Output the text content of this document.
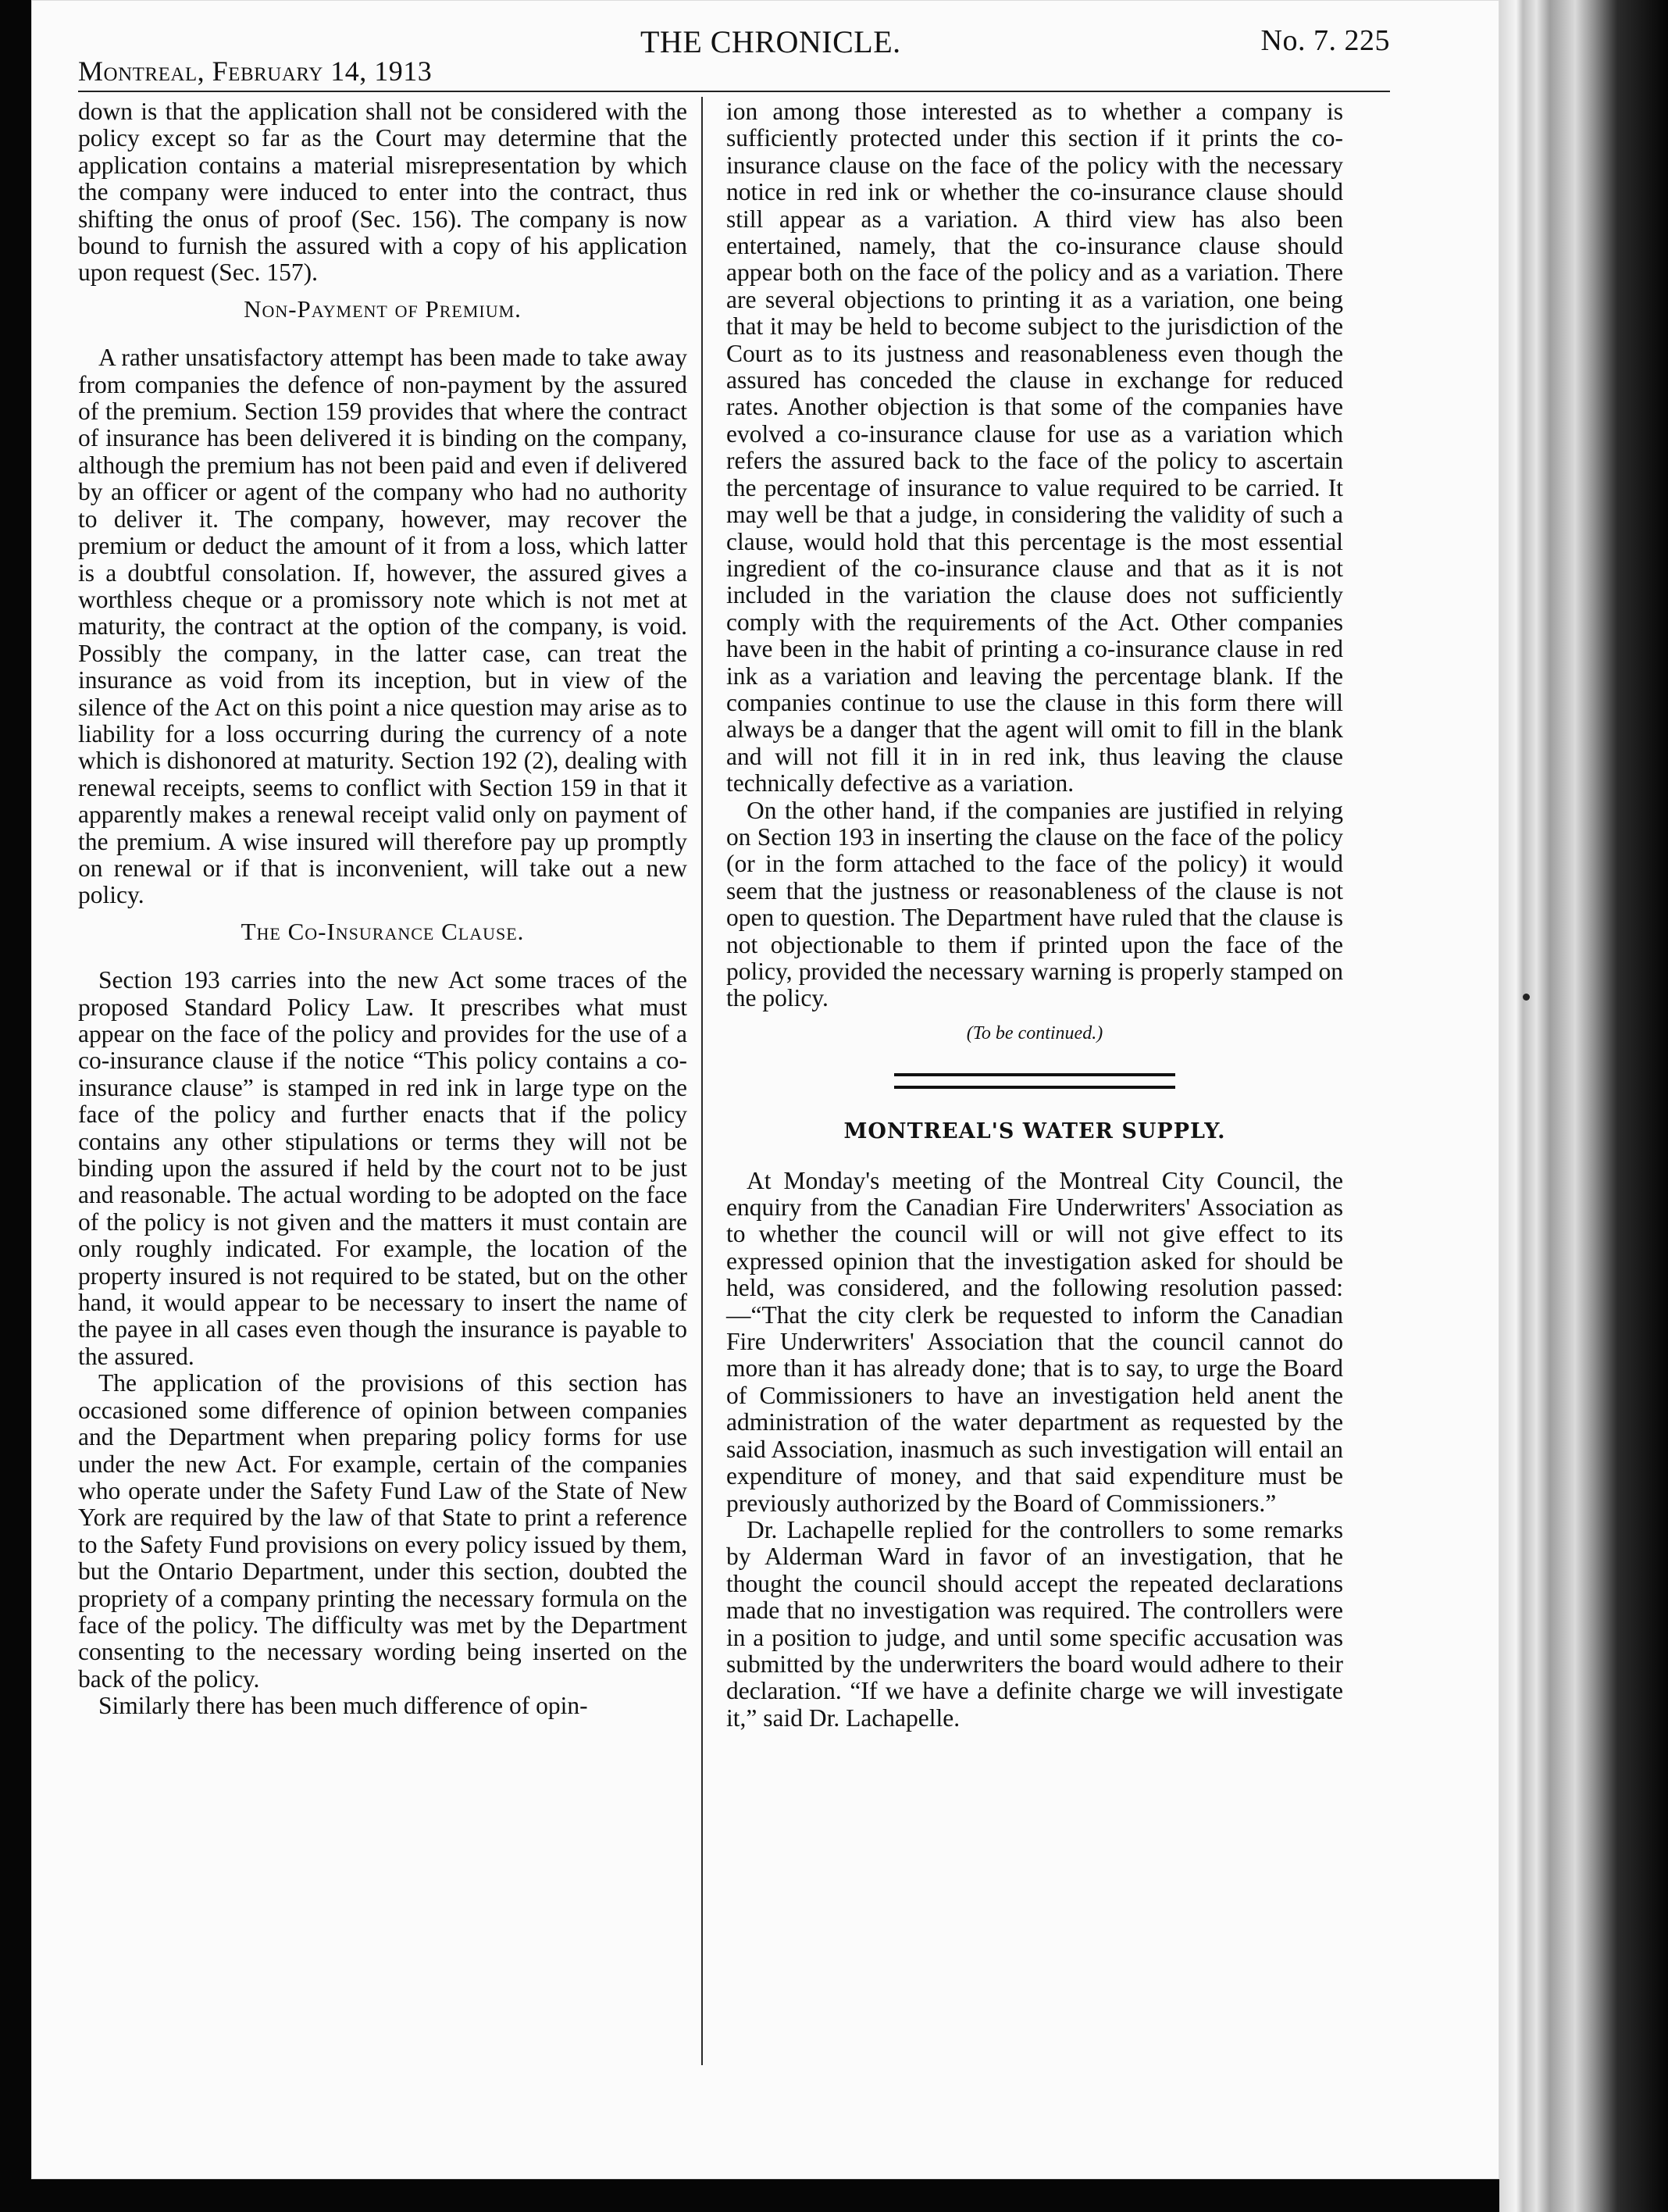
Montreal, February 14, 1913
THE CHRONICLE.	No. 7. 225

down is that the application shall not be considered with the policy except so far as the Court may determine that the application contains a material misrepresentation by which the company were induced to enter into the contract, thus shifting the onus of proof (Sec. 156). The company is now bound to furnish the assured with a copy of his application upon request (Sec. 157).

Non-Payment of Premium.

A rather unsatisfactory attempt has been made to take away from companies the defence of non-payment by the assured of the premium. Section 159 provides that where the contract of insurance has been delivered it is binding on the company, although the premium has not been paid and even if delivered by an officer or agent of the company who had no authority to deliver it. The company, however, may recover the premium or deduct the amount of it from a loss, which latter is a doubtful consolation. If, however, the assured gives a worthless cheque or a promissory note which is not met at maturity, the contract at the option of the company, is void. Possibly the company, in the latter case, can treat the insurance as void from its inception, but in view of the silence of the Act on this point a nice question may arise as to liability for a loss occurring during the currency of a note which is dishonored at maturity. Section 192 (2), dealing with renewal receipts, seems to conflict with Section 159 in that it apparently makes a renewal receipt valid only on payment of the premium. A wise insured will therefore pay up promptly on renewal or if that is inconvenient, will take out a new policy.

The Co-Insurance Clause.

Section 193 carries into the new Act some traces of the proposed Standard Policy Law. It prescribes what must appear on the face of the policy and provides for the use of a co-insurance clause if the notice “This policy contains a co-insurance clause” is stamped in red ink in large type on the face of the policy and further enacts that if the policy contains any other stipulations or terms they will not be binding upon the assured if held by the court not to be just and reasonable. The actual wording to be adopted on the face of the policy is not given and the matters it must contain are only roughly indicated. For example, the location of the property insured is not required to be stated, but on the other hand, it would appear to be necessary to insert the name of the payee in all cases even though the insurance is payable to the assured.

The application of the provisions of this section has occasioned some difference of opinion between companies and the Department when preparing policy forms for use under the new Act. For example, certain of the companies who operate under the Safety Fund Law of the State of New York are required by the law of that State to print a reference to the Safety Fund provisions on every policy issued by them, but the Ontario Department, under this section, doubted the propriety of a company printing the necessary formula on the face of the policy. The difficulty was met by the Department consenting to the necessary wording being inserted on the back of the policy.

Similarly there has been much difference of opin-

ion among those interested as to whether a company is sufficiently protected under this section if it prints the co-insurance clause on the face of the policy with the necessary notice in red ink or whether the co-insurance clause should still appear as a variation. A third view has also been entertained, namely, that the co-insurance clause should appear both on the face of the policy and as a variation. There are several objections to printing it as a variation, one being that it may be held to become subject to the jurisdiction of the Court as to its justness and reasonableness even though the assured has conceded the clause in exchange for reduced rates. Another objection is that some of the companies have evolved a co-insurance clause for use as a variation which refers the assured back to the face of the policy to ascertain the percentage of insurance to value required to be carried. It may well be that a judge, in considering the validity of such a clause, would hold that this percentage is the most essential ingredient of the co-insurance clause and that as it is not included in the variation the clause does not sufficiently comply with the requirements of the Act. Other companies have been in the habit of printing a co-insurance clause in red ink as a variation and leaving the percentage blank. If the companies continue to use the clause in this form there will always be a danger that the agent will omit to fill in the blank and will not fill it in in red ink, thus leaving the clause technically defective as a variation.

On the other hand, if the companies are justified in relying on Section 193 in inserting the clause on the face of the policy (or in the form attached to the face of the policy) it would seem that the justness or reasonableness of the clause is not open to question. The Department have ruled that the clause is not objectionable to them if printed upon the face of the policy, provided the necessary warning is properly stamped on the policy.

(To be continued.)
MONTREAL'S WATER SUPPLY.

At Monday's meeting of the Montreal City Council, the enquiry from the Canadian Fire Underwriters' Association as to whether the council will or will not give effect to its expressed opinion that the investigation asked for should be held, was considered, and the following resolution passed:—“That the city clerk be requested to inform the Canadian Fire Underwriters' Association that the council cannot do more than it has already done; that is to say, to urge the Board of Commissioners to have an investigation held anent the administration of the water department as requested by the said Association, inasmuch as such investigation will entail an expenditure of money, and that said expenditure must be previously authorized by the Board of Commissioners.”

Dr. Lachapelle replied for the controllers to some remarks by Alderman Ward in favor of an investigation, that he thought the council should accept the repeated declarations made that no investigation was required. The controllers were in a position to judge, and until some specific accusation was submitted by the underwriters the board would adhere to their declaration. “If we have a definite charge we will investigate it,” said Dr. Lachapelle.
